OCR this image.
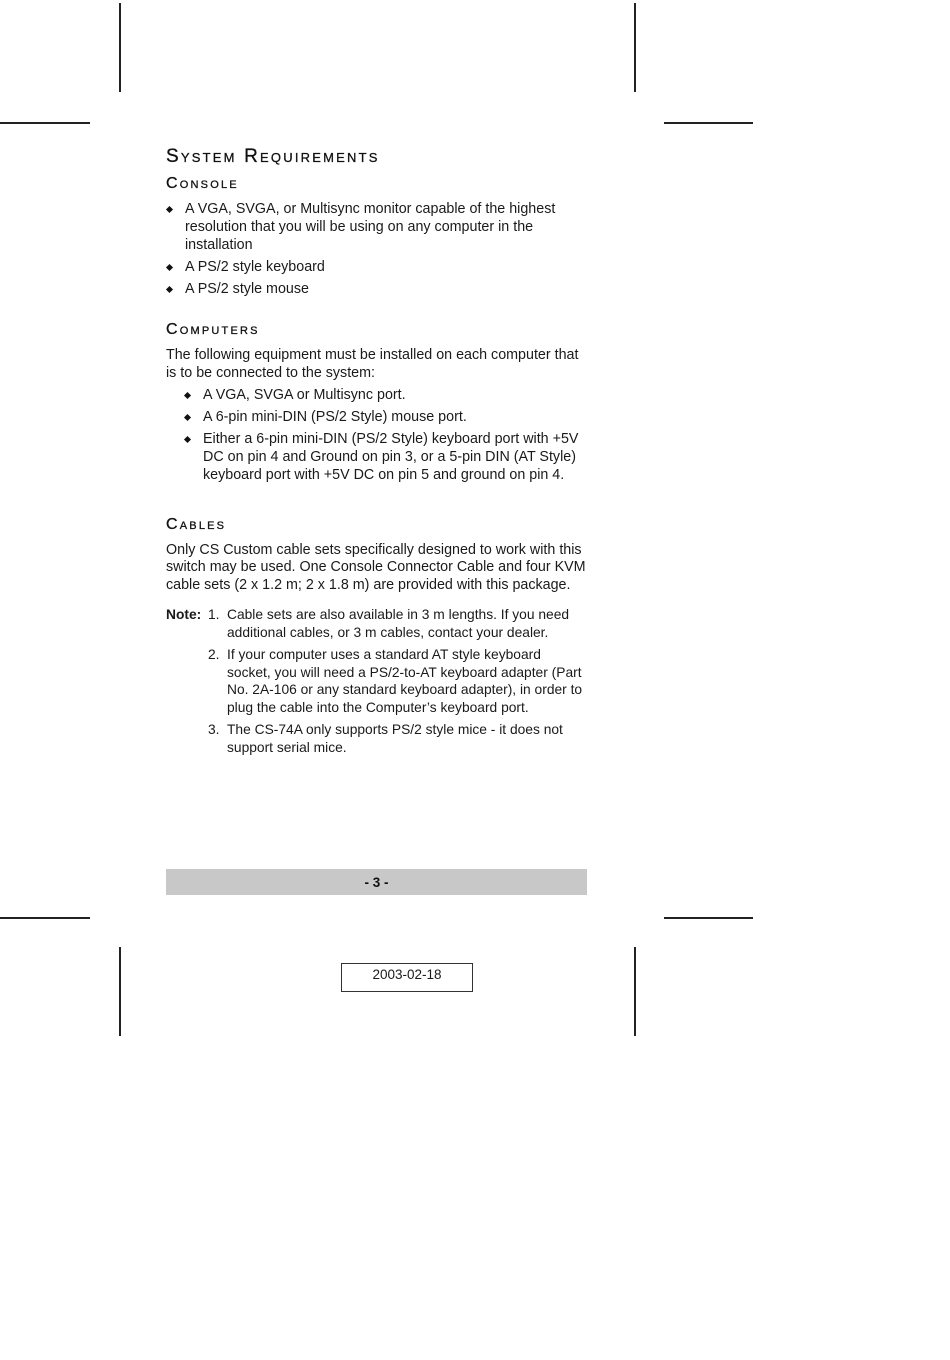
System Requirements
Console
A VGA, SVGA, or Multisync monitor capable of the highest resolution that you will be using on any computer in the installation
A PS/2 style keyboard
A PS/2 style mouse
Computers
The following equipment must be installed on each computer that is to be connected to the system:
A VGA, SVGA or Multisync port.
A 6-pin mini-DIN (PS/2 Style) mouse port.
Either a 6-pin mini-DIN (PS/2 Style) keyboard port with +5V DC on pin 4 and Ground on pin 3, or a 5-pin DIN (AT Style) keyboard port with +5V DC on pin 5 and ground on pin 4.
Cables
Only CS Custom cable sets specifically designed to work with this switch may be used. One Console Connector Cable and four KVM cable sets (2 x 1.2 m; 2 x 1.8 m) are provided with this package.
Note: 1. Cable sets are also available in 3 m lengths. If you need additional cables, or 3 m cables, contact your dealer.
2. If your computer uses a standard AT style keyboard socket, you will need a PS/2-to-AT keyboard adapter (Part No. 2A-106 or any standard keyboard adapter), in order to plug the cable into the Computer’s keyboard port.
3. The CS-74A only supports PS/2 style mice - it does not support serial mice.
- 3 -
2003-02-18
